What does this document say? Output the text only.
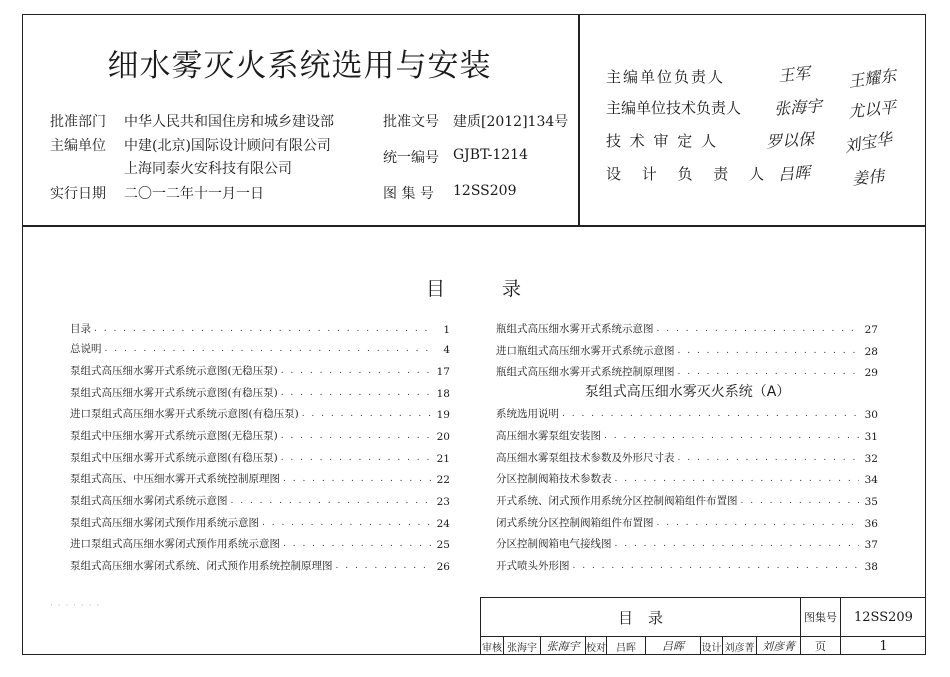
细水雾灭火系统选用与安装
批准部门 中华人民共和国住房和城乡建设部
主编单位 中建(北京)国际设计顾问有限公司
上海同泰火安科技有限公司
实行日期 二〇一二年十一月一日
批准文号 建质[2012]134号
统一编号 GJBT-1214
图 集 号 12SS209
主编单位负责人	王军 王耀东
主编单位技术负责人 张海宇 尤以平
技 术 审 定 人	罗以保 刘宝华
设 计 负 责 人 吕晖	姜伟
目　　　录
目录 . . .	1
总说明 . . .	4
泵组式高压细水雾开式系统示意图(无稳压泵) . . .	17
泵组式高压细水雾开式系统示意图(有稳压泵) . . .	18
进口泵组式高压细水雾开式系统示意图(有稳压泵) . . .	19
泵组式中压细水雾开式系统示意图(无稳压泵) . . .	20
泵组式中压细水雾开式系统示意图(有稳压泵) . . .	21
泵组式高压、中压细水雾开式系统控制原理图 . . .	22
泵组式高压细水雾闭式系统示意图 . . .	23
泵组式高压细水雾闭式预作用系统示意图 . . .	24
进口泵组式高压细水雾闭式预作用系统示意图 . . .	25
泵组式高压细水雾闭式系统、闭式预作用系统控制原理图 . . .	26
瓶组式高压细水雾开式系统示意图 . . .	27
进口瓶组式高压细水雾开式系统示意图 . . .	28
瓶组式高压细水雾开式系统控制原理图 . . .	29
泵组式高压细水雾灭火系统（A）
系统选用说明 . . .	30
高压细水雾泵组安装图 . . .	31
高压细水雾泵组技术参数及外形尺寸表 . . .	32
分区控制阀箱技术参数表 . . .	34
开式系统、闭式预作用系统分区控制阀箱组件布置图 . . .	35
闭式系统分区控制阀箱组件布置图 . . .	36
分区控制阀箱电气接线图 . . .	37
开式喷头外形图 . . .	38
· · · · · · ·
目　录	图集号	12SS209
页	1
审核 张海宇 张海宇 校对	吕晖	吕晖	设计 刘彦菁 刘彦菁
